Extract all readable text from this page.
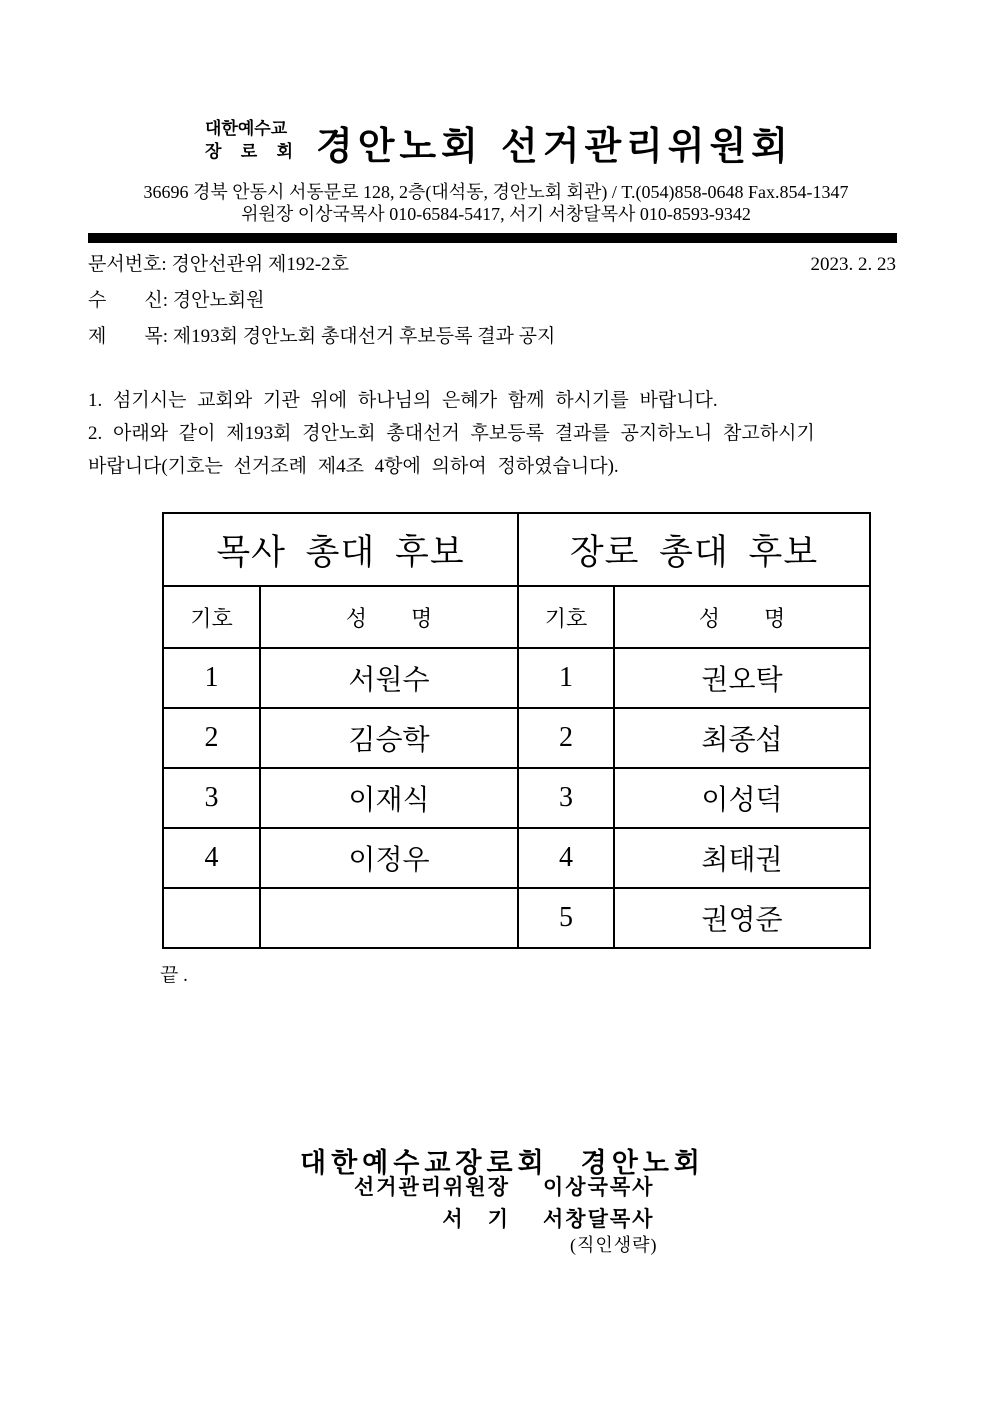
대한예수교
장 로 회 경안노회 선거관리위원회
36696 경북 안동시 서동문로 128, 2층(대석동, 경안노회 회관) / T.(054)858-0648 Fax.854-1347
위원장 이상국목사 010-6584-5417, 서기 서창달목사 010-8593-9342
문서번호: 경안선관위 제192-2호	2023. 2. 23
수　　신: 경안노회원
제　　목: 제193회 경안노회 총대선거 후보등록 결과 공지
1. 섬기시는 교회와 기관 위에 하나님의 은혜가 함께 하시기를 바랍니다.
2. 아래와 같이 제193회 경안노회 총대선거 후보등록 결과를 공지하노니 참고하시기
바랍니다(기호는 선거조례 제4조 4항에 의하여 정하였습니다).
목사 총대 후보		장로 총대 후보	
기호	성　　명	기호	성　　명
1	서원수	1	권오탁
2	김승학	2	최종섭
3	이재식	3	이성덕
4	이정우	4	최태권
		5	권영준
끝 .
대한예수교장로회　경안노회
선거관리위원장 이상국목사
서　기 서창달목사
(직인생략)
